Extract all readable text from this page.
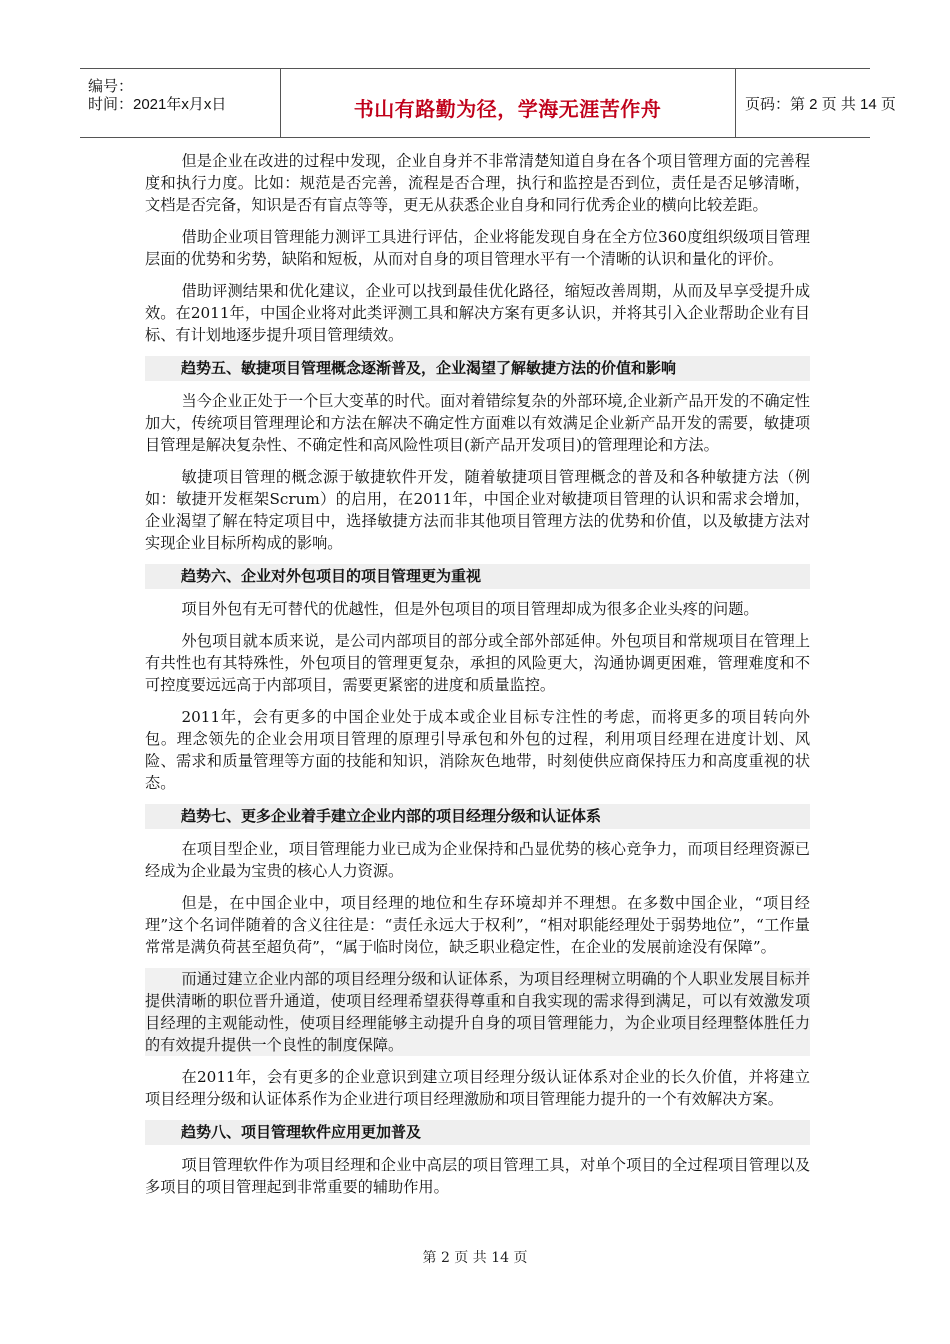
编号：
时间：2021年x月x日	书山有路勤为径，学海无涯苦作舟	页码：第 2 页 共 14 页

但是企业在改进的过程中发现，企业自身并不非常清楚知道自身在各个项目管理方面的完善程度和执行力度。比如：规范是否完善，流程是否合理，执行和监控是否到位，责任是否足够清晰，文档是否完备，知识是否有盲点等等，更无从获悉企业自身和同行优秀企业的横向比较差距。

借助企业项目管理能力测评工具进行评估，企业将能发现自身在全方位360度组织级项目管理层面的优势和劣势，缺陷和短板，从而对自身的项目管理水平有一个清晰的认识和量化的评价。

借助评测结果和优化建议，企业可以找到最佳优化路径，缩短改善周期，从而及早享受提升成效。在2011年，中国企业将对此类评测工具和解决方案有更多认识，并将其引入企业帮助企业有目标、有计划地逐步提升项目管理绩效。

趋势五、敏捷项目管理概念逐渐普及，企业渴望了解敏捷方法的价值和影响

当今企业正处于一个巨大变革的时代。面对着错综复杂的外部环境,企业新产品开发的不确定性加大，传统项目管理理论和方法在解决不确定性方面难以有效满足企业新产品开发的需要，敏捷项目管理是解决复杂性、不确定性和高风险性项目(新产品开发项目)的管理理论和方法。

敏捷项目管理的概念源于敏捷软件开发，随着敏捷项目管理概念的普及和各种敏捷方法（例如：敏捷开发框架Scrum）的启用，在2011年，中国企业对敏捷项目管理的认识和需求会增加，企业渴望了解在特定项目中，选择敏捷方法而非其他项目管理方法的优势和价值，以及敏捷方法对实现企业目标所构成的影响。

趋势六、企业对外包项目的项目管理更为重视

项目外包有无可替代的优越性，但是外包项目的项目管理却成为很多企业头疼的问题。

外包项目就本质来说，是公司内部项目的部分或全部外部延伸。外包项目和常规项目在管理上有共性也有其特殊性，外包项目的管理更复杂，承担的风险更大，沟通协调更困难，管理难度和不可控度要远远高于内部项目，需要更紧密的进度和质量监控。

2011年，会有更多的中国企业处于成本或企业目标专注性的考虑，而将更多的项目转向外包。理念领先的企业会用项目管理的原理引导承包和外包的过程，利用项目经理在进度计划、风险、需求和质量管理等方面的技能和知识，消除灰色地带，时刻使供应商保持压力和高度重视的状态。

趋势七、更多企业着手建立企业内部的项目经理分级和认证体系

在项目型企业，项目管理能力业已成为企业保持和凸显优势的核心竞争力，而项目经理资源已经成为企业最为宝贵的核心人力资源。

但是，在中国企业中，项目经理的地位和生存环境却并不理想。在多数中国企业，“项目经理”这个名词伴随着的含义往往是：“责任永远大于权利”，“相对职能经理处于弱势地位”，“工作量常常是满负荷甚至超负荷”，“属于临时岗位，缺乏职业稳定性，在企业的发展前途没有保障”。

而通过建立企业内部的项目经理分级和认证体系，为项目经理树立明确的个人职业发展目标并提供清晰的职位晋升通道，使项目经理希望获得尊重和自我实现的需求得到满足，可以有效激发项目经理的主观能动性，使项目经理能够主动提升自身的项目管理能力，为企业项目经理整体胜任力的有效提升提供一个良性的制度保障。

在2011年，会有更多的企业意识到建立项目经理分级认证体系对企业的长久价值，并将建立项目经理分级和认证体系作为企业进行项目经理激励和项目管理能力提升的一个有效解决方案。

趋势八、项目管理软件应用更加普及

项目管理软件作为项目经理和企业中高层的项目管理工具，对单个项目的全过程项目管理以及多项目的项目管理起到非常重要的辅助作用。

第 2 页 共 14 页
